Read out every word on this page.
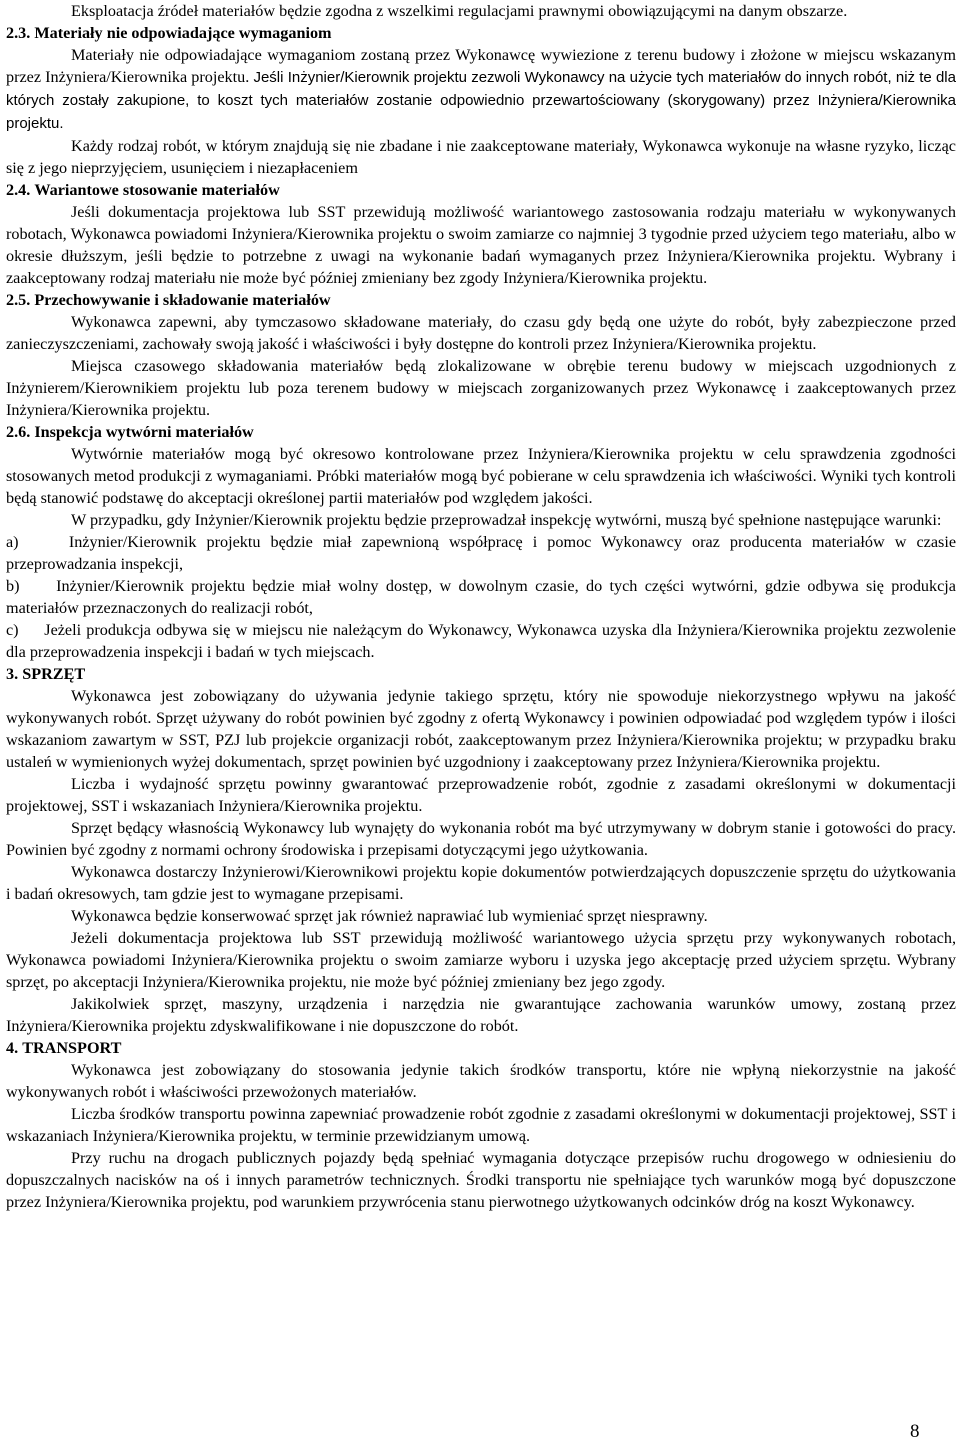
Eksploatacja źródeł materiałów będzie zgodna z wszelkimi regulacjami prawnymi obowiązującymi na danym obszarze.

2.3. Materiały nie odpowiadające wymaganiom

Materiały nie odpowiadające wymaganiom zostaną przez Wykonawcę wywiezione z terenu budowy i złożone w miejscu wskazanym przez Inżyniera/Kierownika projektu. Jeśli Inżynier/Kierownik projektu zezwoli Wykonawcy na użycie tych materiałów do innych robót, niż te dla których zostały zakupione, to koszt tych materiałów zostanie odpowiednio przewartościowany (skorygowany) przez Inżyniera/Kierownika projektu.

Każdy rodzaj robót, w którym znajdują się nie zbadane i nie zaakceptowane materiały, Wykonawca wykonuje na własne ryzyko, licząc się z jego nieprzyjęciem, usunięciem i niezapłaceniem

2.4. Wariantowe stosowanie materiałów

Jeśli dokumentacja projektowa lub SST przewidują możliwość wariantowego zastosowania rodzaju materiału w wykonywanych robotach, Wykonawca powiadomi Inżyniera/Kierownika projektu o swoim zamiarze co najmniej 3 tygodnie przed użyciem tego materiału, albo w okresie dłuższym, jeśli będzie to potrzebne z uwagi na wykonanie badań wymaganych przez Inżyniera/Kierownika projektu. Wybrany i zaakceptowany rodzaj materiału nie może być później zmieniany bez zgody Inżyniera/Kierownika projektu.

2.5. Przechowywanie i składowanie materiałów

Wykonawca zapewni, aby tymczasowo składowane materiały, do czasu gdy będą one użyte do robót, były zabezpieczone przed zanieczyszczeniami, zachowały swoją jakość i właściwości i były dostępne do kontroli przez Inżyniera/Kierownika projektu.

Miejsca czasowego składowania materiałów będą zlokalizowane w obrębie terenu budowy w miejscach uzgodnionych z Inżynierem/Kierownikiem projektu lub poza terenem budowy w miejscach zorganizowanych przez Wykonawcę i zaakceptowanych przez Inżyniera/Kierownika projektu.

2.6. Inspekcja wytwórni materiałów

Wytwórnie materiałów mogą być okresowo kontrolowane przez Inżyniera/Kierownika projektu w celu sprawdzenia zgodności stosowanych metod produkcji z wymaganiami. Próbki materiałów mogą być pobierane w celu sprawdzenia ich właściwości. Wyniki tych kontroli będą stanowić podstawę do akceptacji określonej partii materiałów pod względem jakości.

W przypadku, gdy Inżynier/Kierownik projektu będzie przeprowadzał inspekcję wytwórni, muszą być spełnione następujące warunki:

a)	Inżynier/Kierownik projektu będzie miał zapewnioną współpracę i pomoc Wykonawcy oraz producenta materiałów w czasie przeprowadzania inspekcji,

b) Inżynier/Kierownik projektu będzie miał wolny dostęp, w dowolnym czasie, do tych części wytwórni, gdzie odbywa się produkcja materiałów przeznaczonych do realizacji robót,

c) Jeżeli produkcja odbywa się w miejscu nie należącym do Wykonawcy, Wykonawca uzyska dla Inżyniera/Kierownika projektu zezwolenie dla przeprowadzenia inspekcji i badań w tych miejscach.

3. SPRZĘT

Wykonawca jest zobowiązany do używania jedynie takiego sprzętu, który nie spowoduje niekorzystnego wpływu na jakość wykonywanych robót. Sprzęt używany do robót powinien być zgodny z ofertą Wykonawcy i powinien odpowiadać pod względem typów i ilości wskazaniom zawartym w SST, PZJ lub projekcie organizacji robót, zaakceptowanym przez Inżyniera/Kierownika projektu; w przypadku braku ustaleń w wymienionych wyżej dokumentach, sprzęt powinien być uzgodniony i zaakceptowany przez Inżyniera/Kierownika projektu.

Liczba i wydajność sprzętu powinny gwarantować przeprowadzenie robót, zgodnie z zasadami określonymi w dokumentacji projektowej, SST i wskazaniach Inżyniera/Kierownika projektu.

Sprzęt będący własnością Wykonawcy lub wynajęty do wykonania robót ma być utrzymywany w dobrym stanie i gotowości do pracy. Powinien być zgodny z normami ochrony środowiska i przepisami dotyczącymi jego użytkowania.

Wykonawca dostarczy Inżynierowi/Kierownikowi projektu kopie dokumentów potwierdzających dopuszczenie sprzętu do użytkowania i badań okresowych, tam gdzie jest to wymagane przepisami.

Wykonawca będzie konserwować sprzęt jak również naprawiać lub wymieniać sprzęt niesprawny.

Jeżeli dokumentacja projektowa lub SST przewidują możliwość wariantowego użycia sprzętu przy wykonywanych robotach, Wykonawca powiadomi Inżyniera/Kierownika projektu o swoim zamiarze wyboru i uzyska jego akceptację przed użyciem sprzętu. Wybrany sprzęt, po akceptacji Inżyniera/Kierownika projektu, nie może być później zmieniany bez jego zgody.

Jakikolwiek sprzęt, maszyny, urządzenia i narzędzia nie gwarantujące zachowania warunków umowy, zostaną przez Inżyniera/Kierownika projektu zdyskwalifikowane i nie dopuszczone do robót.

4. TRANSPORT

Wykonawca jest zobowiązany do stosowania jedynie takich środków transportu, które nie wpłyną niekorzystnie na jakość wykonywanych robót i właściwości przewożonych materiałów.

Liczba środków transportu powinna zapewniać prowadzenie robót zgodnie z zasadami określonymi w dokumentacji projektowej, SST i wskazaniach Inżyniera/Kierownika projektu, w terminie przewidzianym umową.

Przy ruchu na drogach publicznych pojazdy będą spełniać wymagania dotyczące przepisów ruchu drogowego w odniesieniu do dopuszczalnych nacisków na oś i innych parametrów technicznych. Środki transportu nie spełniające tych warunków mogą być dopuszczone przez Inżyniera/Kierownika projektu, pod warunkiem przywrócenia stanu pierwotnego użytkowanych odcinków dróg na koszt Wykonawcy.

8
